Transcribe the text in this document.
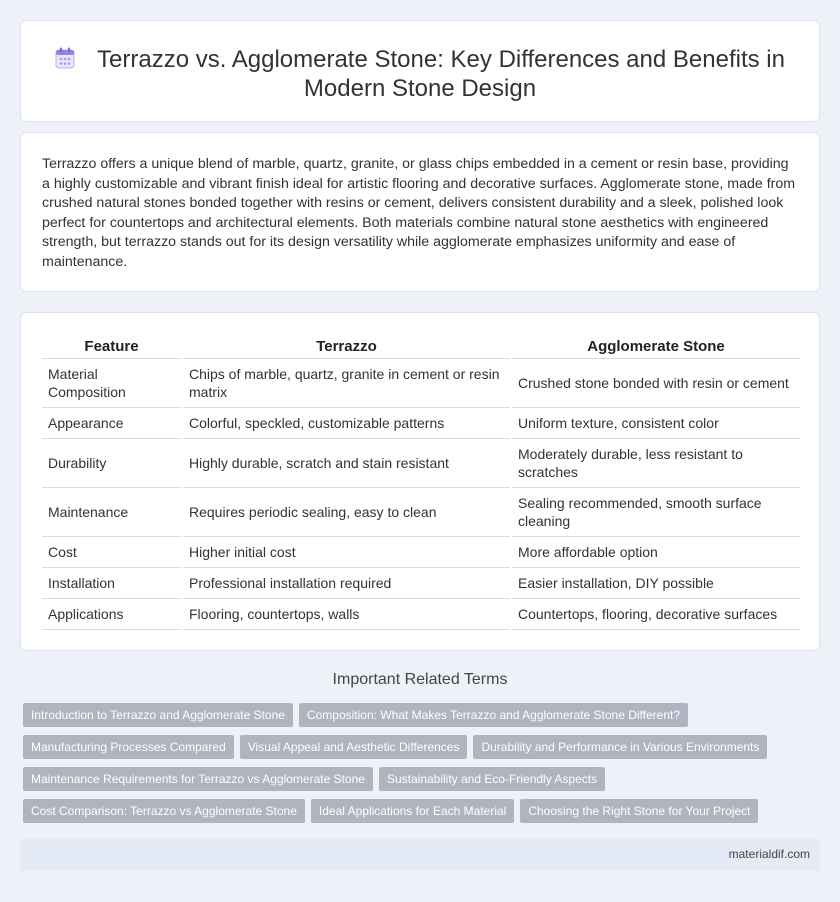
Terrazzo vs. Agglomerate Stone: Key Differences and Benefits in
Modern Stone Design

Terrazzo offers a unique blend of marble, quartz, granite, or glass chips embedded in a cement or resin base, providing a highly customizable and vibrant finish ideal for artistic flooring and decorative surfaces. Agglomerate stone, made from crushed natural stones bonded together with resins or cement, delivers consistent durability and a sleek, polished look perfect for countertops and architectural elements. Both materials combine natural stone aesthetics with engineered strength, but terrazzo stands out for its design versatility while agglomerate emphasizes uniformity and ease of maintenance.

Feature	Terrazzo	Agglomerate Stone
Material Composition	Chips of marble, quartz, granite in cement or resin matrix	Crushed stone bonded with resin or cement
Appearance	Colorful, speckled, customizable patterns	Uniform texture, consistent color
Durability	Highly durable, scratch and stain resistant	Moderately durable, less resistant to scratches
Maintenance	Requires periodic sealing, easy to clean	Sealing recommended, smooth surface cleaning
Cost	Higher initial cost	More affordable option
Installation	Professional installation required	Easier installation, DIY possible
Applications	Flooring, countertops, walls	Countertops, flooring, decorative surfaces
Important Related Terms
Introduction to Terrazzo and Agglomerate Stone Composition: What Makes Terrazzo and Agglomerate Stone Different?
Manufacturing Processes Compared Visual Appeal and Aesthetic Differences Durability and Performance in Various Environments
Maintenance Requirements for Terrazzo vs Agglomerate Stone Sustainability and Eco-Friendly Aspects
Cost Comparison: Terrazzo vs Agglomerate Stone Ideal Applications for Each Material Choosing the Right Stone for Your Project
materialdif.com
